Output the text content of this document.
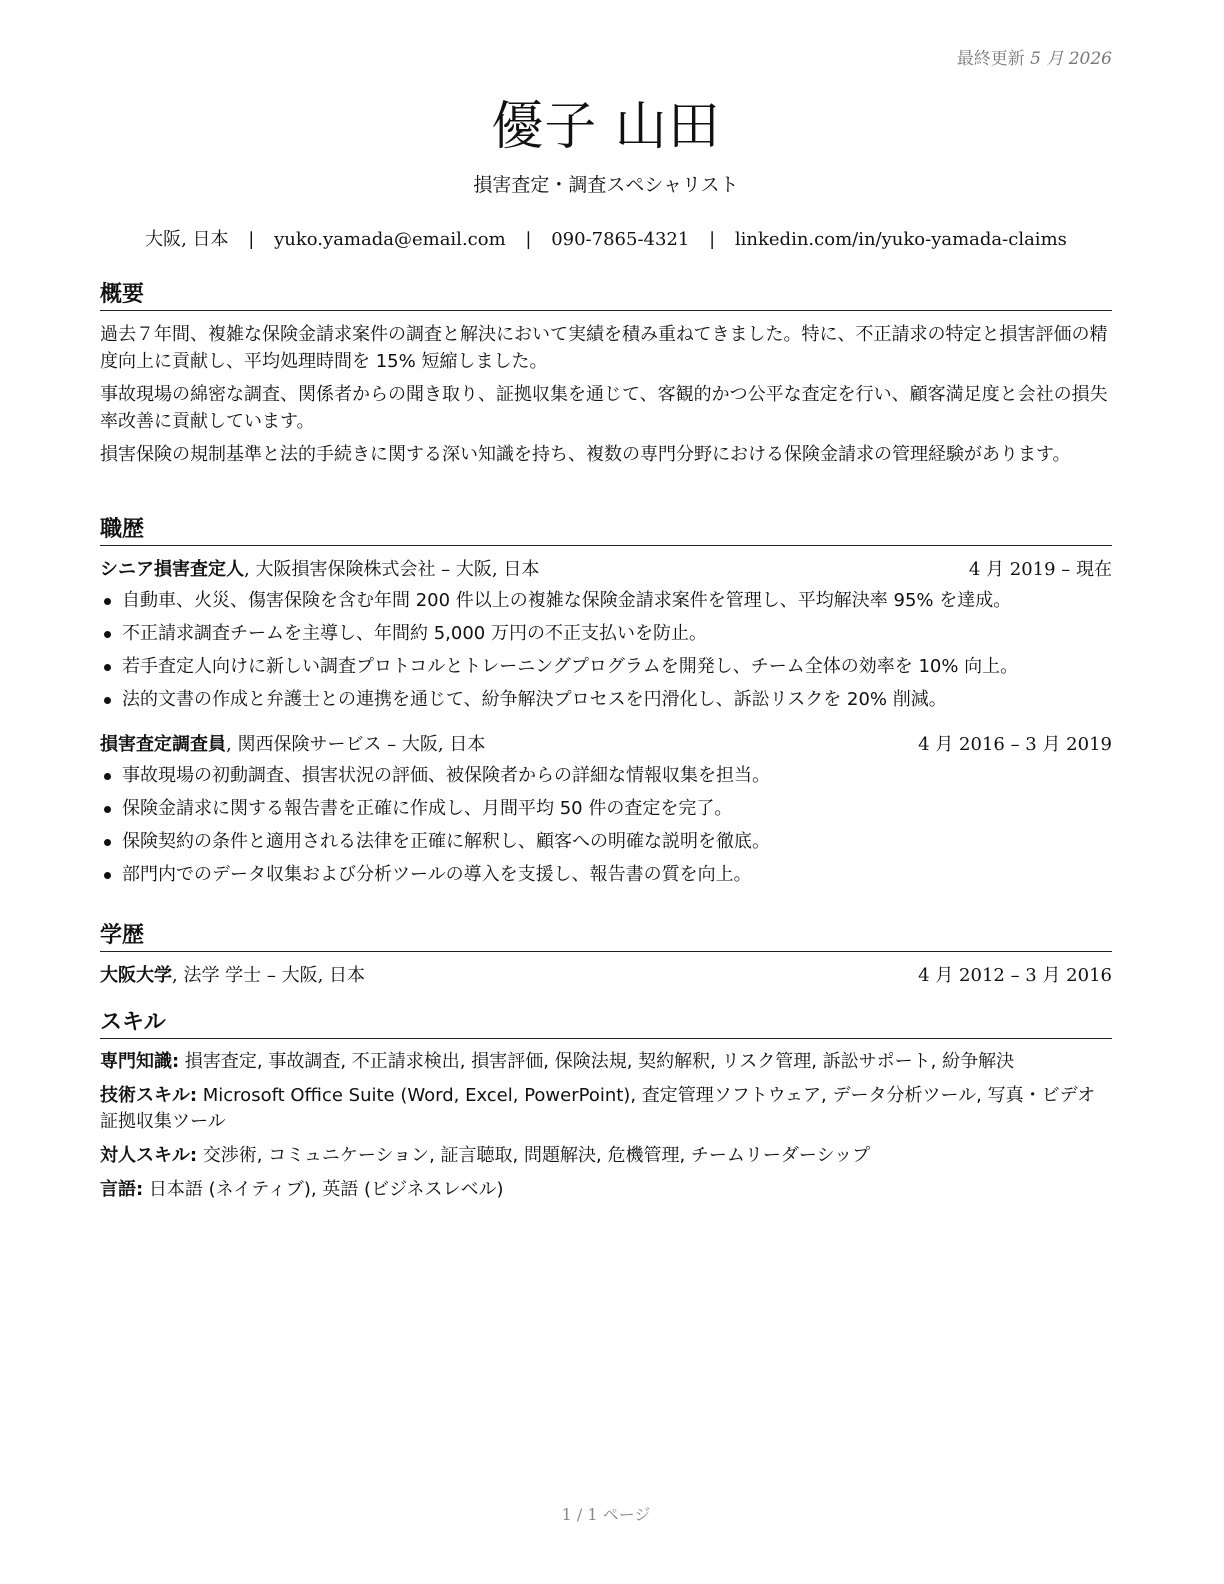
最終更新 5 月 2026
優子 山田
損害査定・調査スペシャリスト
大阪, 日本 | yuko.yamada@email.com | 090-7865-4321 | linkedin.com/in/yuko-yamada-claims
概要

過去７年間、複雑な保険金請求案件の調査と解決において実績を積み重ねてきました。特に、不正請求の特定と損害評価の精度向上に貢献し、平均処理時間を 15% 短縮しました。

事故現場の綿密な調査、関係者からの聞き取り、証拠収集を通じて、客観的かつ公平な査定を行い、顧客満足度と会社の損失率改善に貢献しています。

損害保険の規制基準と法的手続きに関する深い知識を持ち、複数の専門分野における保険金請求の管理経験があります。

職歴
シニア損害査定人, 大阪損害保険株式会社 – 大阪, 日本	4 月 2019 – 現在
自動車、火災、傷害保険を含む年間 200 件以上の複雑な保険金請求案件を管理し、平均解決率 95% を達成。
不正請求調査チームを主導し、年間約 5,000 万円の不正支払いを防止。
若手査定人向けに新しい調査プロトコルとトレーニングプログラムを開発し、チーム全体の効率を 10% 向上。
法的文書の作成と弁護士との連携を通じて、紛争解決プロセスを円滑化し、訴訟リスクを 20% 削減。
損害査定調査員, 関西保険サービス – 大阪, 日本	4 月 2016 – 3 月 2019
事故現場の初動調査、損害状況の評価、被保険者からの詳細な情報収集を担当。
保険金請求に関する報告書を正確に作成し、月間平均 50 件の査定を完了。
保険契約の条件と適用される法律を正確に解釈し、顧客への明確な説明を徹底。
部門内でのデータ収集および分析ツールの導入を支援し、報告書の質を向上。
学歴
大阪大学, 法学 学士 – 大阪, 日本	4 月 2012 – 3 月 2016
スキル
専門知識: 損害査定, 事故調査, 不正請求検出, 損害評価, 保険法規, 契約解釈, リスク管理, 訴訟サポート, 紛争解決
技術スキル: Microsoft Office Suite (Word, Excel, PowerPoint), 査定管理ソフトウェア, データ分析ツール, 写真・ビデオ証拠収集ツール
対人スキル: 交渉術, コミュニケーション, 証言聴取, 問題解決, 危機管理, チームリーダーシップ
言語: 日本語 (ネイティブ), 英語 (ビジネスレベル)
1 / 1 ページ
